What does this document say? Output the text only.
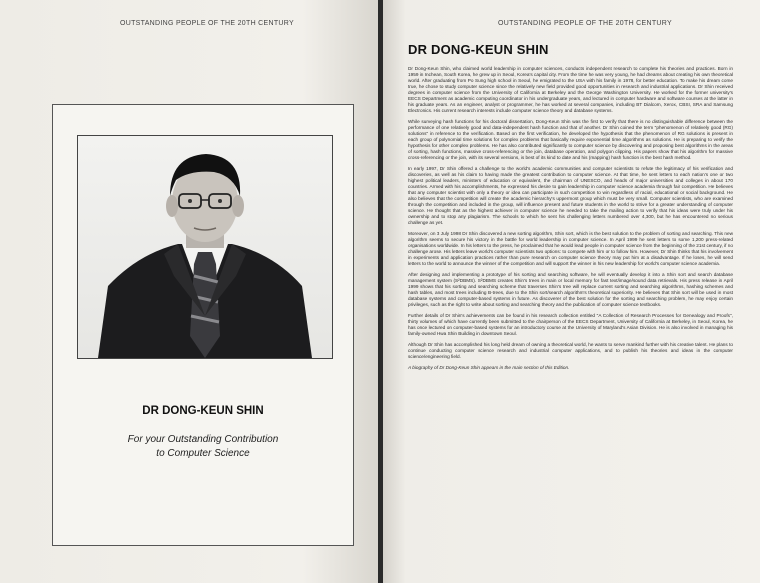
OUTSTANDING PEOPLE OF THE 20TH CENTURY
DR DONG-KEUN SHIN
For your Outstanding Contribution
to Computer Science
OUTSTANDING PEOPLE OF THE 20TH CENTURY
DR DONG-KEUN SHIN

Dr Dong-Keun Shin, who claimed world leadership in computer sciences, conducts independent research to complete his theories and practices. Born in 1959 in Inchean, South Korea, he grew up in Seoul, Korea's capital city. From the time he was very young, he had dreams about creating his own theoretical world. After graduating from Po Sung high school in Seoul, he emigrated to the USA with his family in 1978, for better education. To make his dream come true, he chose to study computer science since the relatively new field provided good opportunities in research and industrial applications. Dr Shin received degrees in computer science from the University of California at Berkeley and the George Washington University. He worked for the former university's EECS Department as academic computing coordinator in his undergraduate years, and lectured in computer hardware and software courses at the latter in his graduate years. As an engineer, analyst or programmer, he has worked at several companies, including BT Dialcom, Xerox, CBSI, SRA and Samsung Electronics. His current research interests include computer science theory and database systems.

While surveying hash functions for his doctoral dissertation, Dong-Keun Shin was the first to verify that there is no distinguishable difference between the performance of one relatively good and data-independent hash function and that of another. Dr Shin coined the term "phenomenon of relatively good (RG) solutions" in reference to the verification. Based on the first verification, he developed the hypothesis that the phenomenon of RG solutions is present in each group of polynomial time solutions for complex problems that basically require exponential time algorithms as solutions. He is preparing to verify the hypothesis for other complex problems. He has also contributed significantly to computer science by discovering and proposing best algorithms in the areas of sorting, hash functions, massive cross-referencing or the join, database operation, and polygon clipping. His papers show that his algorithm for massive cross-referencing or the join, with its several versions, is best of its kind to date and his (mapping) hash function is the best hash method.

In early 1997, Dr Shin offered a challenge to the world's academic communities and computer scientists to refute the legitimacy of his verification and discoveries, as well as his claim to having made the greatest contribution to computer science. At that time, he sent letters to each nation's one or two highest political leaders, ministers of education or equivalent, the chairman of UNESCO, and heads of major universities and colleges in about 170 countries. Armed with his accomplishments, he expressed his desire to gain leadership in computer science academia through fair competition. He believes that any computer scientist with only a theory or idea can participate in such competition to win regardless of racial, educational or social background. He also believes that the competition will create the academic hierarchy's uppermost group which must be very small. Computer scientists, who are examined through the competition and included in the group, will influence present and future students in the world to strive for a greater understanding of computer science. He thought that as the highest achiever in computer science he needed to take the mailing action to verify that his ideas were truly under his ownership and to stop any plagiarism. The schools to which he sent his challenging letters numbered over 4,300, but he has encountered no serious challenge as yet.

Moreover, on 3 July 1998 Dr Shin discovered a new sorting algorithm, Shin sort, which is the best solution to the problem of sorting and searching. This new algorithm seems to secure his victory in the battle for world leadership in computer science. In April 1999 he sent letters to some 1,200 press-related organisations worldwide. In his letters to the press, he proclaimed that he would lead people in computer science from the beginning of the 21st century, if no challenge arose. His letters leave world's computer scientists two options: to compete with him or to follow him. However, Dr Shin thinks that his involvement in experiments and application practices rather than pure research on computer science theory may put him at a disadvantage. If he loses, he will send letters to the world to announce the winner of the competition and will support the winner in his new leadership for world's computer science academia.

After designing and implementing a prototype of his sorting and searching software, he will eventually develop it into a Shin sort and search database management system (S²DBMS). S²DBMS creates Shin's trees in main or local memory for fast text/image/sound data retrievals. His press release in April 1999 shows that his sorting and searching scheme that traverses Shin's tree will replace current sorting and searching algorithms, hashing schemes and hash tables, and most trees including B-trees, due to the Shin sort/search algorithm's theoretical superiority. He believes that Shin sort will be used in most database systems and computer-based systems in future. As discoverer of the best solution for the sorting and searching problem, he may enjoy certain privileges, such as the right to write about sorting and searching theory and the publication of computer science textbooks.

Further details of Dr Shin's achievements can be found in his research collection entitled "A Collection of Research Processes for Genealogy and Proofs", thirty volumes of which have currently been submitted to the chairperson of the EECS Department, University of California at Berkeley, in Seoul, Korea, he has once lectured on computer-based systems for an introductory course at the University of Maryland's Asian Division. He is also involved in managing his family-owned Hwa Shin Building in downtown Seoul.

Although Dr Shin has accomplished his long held dream of owning a theoretical world, he wants to serve mankind further with his creative talent. He plans to continue conducting computer science research and industrial computer applications, and to publish his theories and ideas in the computer science/engineering field.

A biography of Dr Dong-Keun Shin appears in the main section of this Edition.
